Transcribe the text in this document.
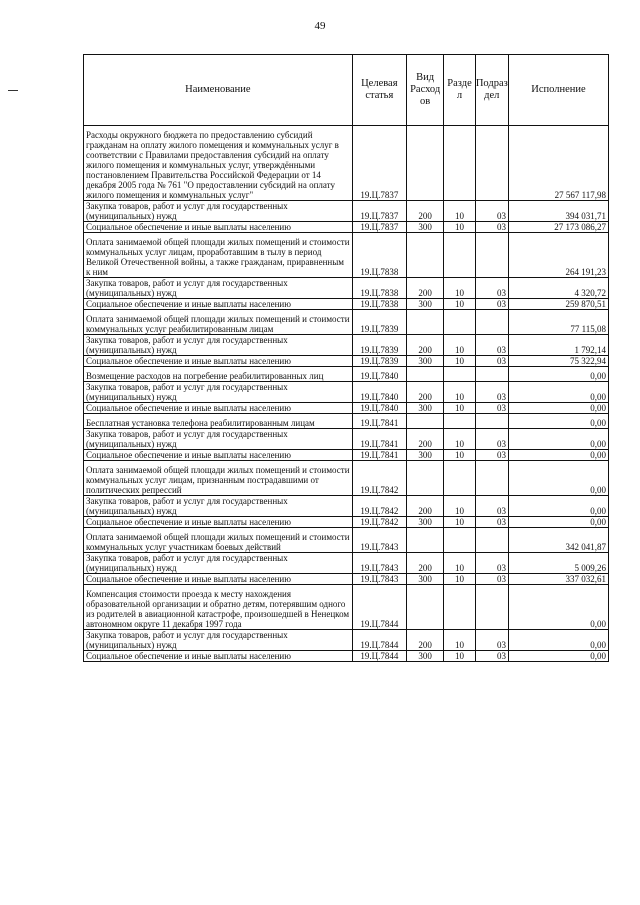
49
Наименование	Целевая статья	Вид Расход ов	Разде л	Подраз дел	Исполнение
Расходы окружного бюджета по предоставлению субсидий гражданам на оплату жилого помещения и коммунальных услуг в соответствии с Правилами предоставления субсидий на оплату жилого помещения и коммунальных услуг, утверждёнными постановлением Правительства Российской Федерации от 14 декабря 2005 года № 761 "О предоставлении субсидий на оплату жилого помещения и коммунальных услуг"	19.Ц.7837				27 567 117,98
Закупка товаров, работ и услуг для государственных (муниципальных) нужд	19.Ц.7837	200	10	03	394 031,71
Социальное обеспечение и иные выплаты населению	19.Ц.7837	300	10	03	27 173 086,27
Оплата занимаемой общей площади жилых помещений и стоимости коммунальных услуг лицам, проработавшим в тылу в период Великой Отечественной войны, а также гражданам, приравненным к ним	19.Ц.7838				264 191,23
Закупка товаров, работ и услуг для государственных (муниципальных) нужд	19.Ц.7838	200	10	03	4 320,72
Социальное обеспечение и иные выплаты населению	19.Ц.7838	300	10	03	259 870,51
Оплата занимаемой общей площади жилых помещений и стоимости коммунальных услуг реабилитированным лицам	19.Ц.7839				77 115,08
Закупка товаров, работ и услуг для государственных (муниципальных) нужд	19.Ц.7839	200	10	03	1 792,14
Социальное обеспечение и иные выплаты населению	19.Ц.7839	300	10	03	75 322,94
Возмещение расходов на погребение реабилитированных лиц	19.Ц.7840				0,00
Закупка товаров, работ и услуг для государственных (муниципальных) нужд	19.Ц.7840	200	10	03	0,00
Социальное обеспечение и иные выплаты населению	19.Ц.7840	300	10	03	0,00
Бесплатная установка телефона реабилитированным лицам	19.Ц.7841				0,00
Закупка товаров, работ и услуг для государственных (муниципальных) нужд	19.Ц.7841	200	10	03	0,00
Социальное обеспечение и иные выплаты населению	19.Ц.7841	300	10	03	0,00
Оплата занимаемой общей площади жилых помещений и стоимости коммунальных услуг лицам, признанным пострадавшими от политических репрессий	19.Ц.7842				0,00
Закупка товаров, работ и услуг для государственных (муниципальных) нужд	19.Ц.7842	200	10	03	0,00
Социальное обеспечение и иные выплаты населению	19.Ц.7842	300	10	03	0,00
Оплата занимаемой общей площади жилых помещений и стоимости коммунальных услуг участникам боевых действий	19.Ц.7843				342 041,87
Закупка товаров, работ и услуг для государственных (муниципальных) нужд	19.Ц.7843	200	10	03	5 009,26
Социальное обеспечение и иные выплаты населению	19.Ц.7843	300	10	03	337 032,61
Компенсация стоимости проезда к месту нахождения образовательной организации и обратно детям, потерявшим одного из родителей в авиационной катастрофе, произошедшей в Ненецком автономном округе 11 декабря 1997 года	19.Ц.7844				0,00
Закупка товаров, работ и услуг для государственных (муниципальных) нужд	19.Ц.7844	200	10	03	0,00
Социальное обеспечение и иные выплаты населению	19.Ц.7844	300	10	03	0,00
